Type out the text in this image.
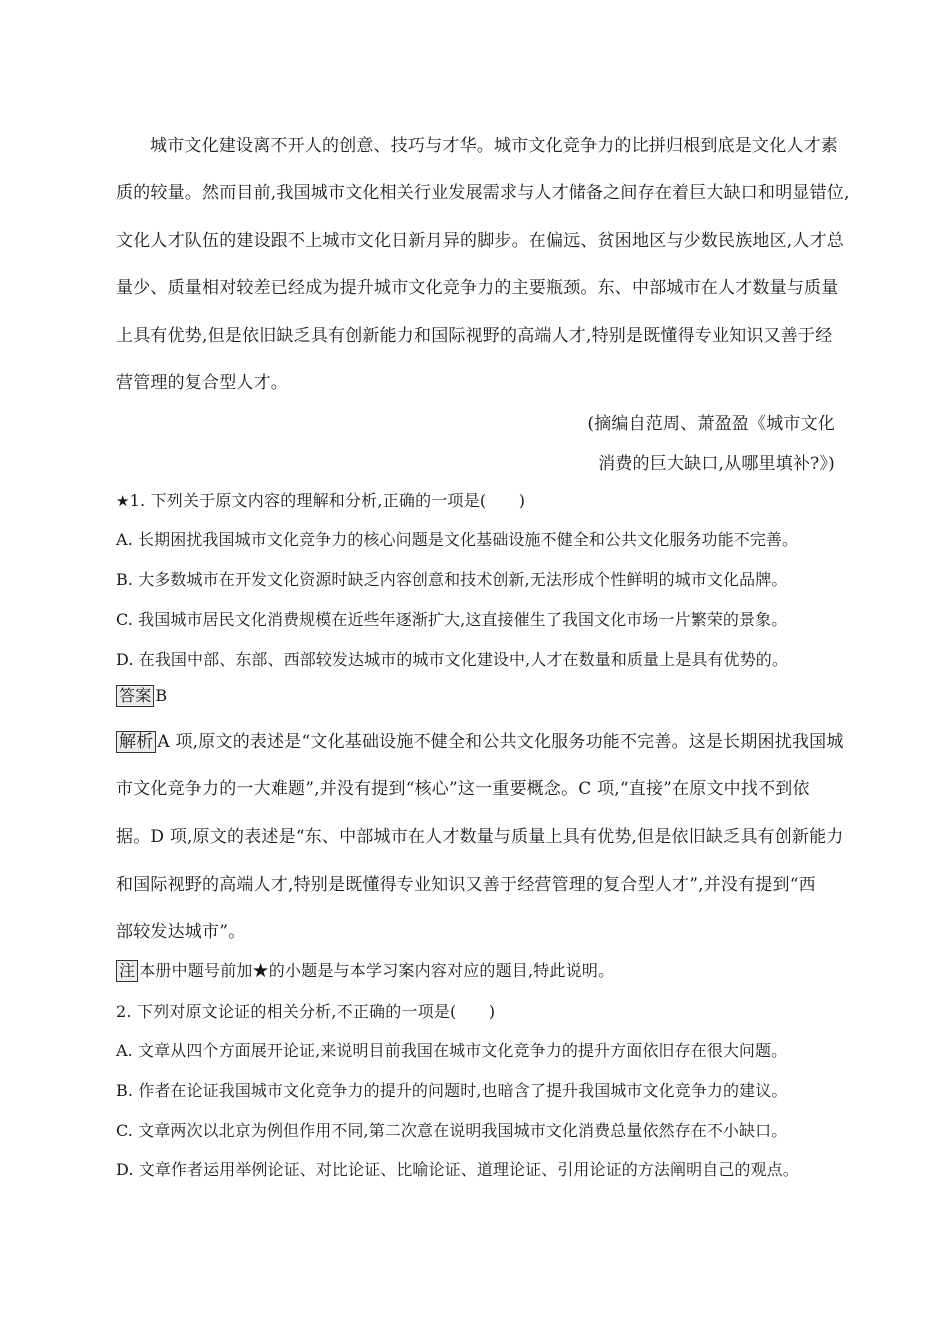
城市文化建设离不开人的创意、技巧与才华。城市文化竞争力的比拼归根到底是文化人才素
质的较量。然而目前,我国城市文化相关行业发展需求与人才储备之间存在着巨大缺口和明显错位,
文化人才队伍的建设跟不上城市文化日新月异的脚步。在偏远、贫困地区与少数民族地区,人才总
量少、质量相对较差已经成为提升城市文化竞争力的主要瓶颈。东、中部城市在人才数量与质量
上具有优势,但是依旧缺乏具有创新能力和国际视野的高端人才,特别是既懂得专业知识又善于经
营管理的复合型人才。
(摘编自范周、萧盈盈《城市文化
消费的巨大缺口,从哪里填补?》)
★1. 下列关于原文内容的理解和分析,正确的一项是(　　)
A. 长期困扰我国城市文化竞争力的核心问题是文化基础设施不健全和公共文化服务功能不完善。
B. 大多数城市在开发文化资源时缺乏内容创意和技术创新,无法形成个性鲜明的城市文化品牌。
C. 我国城市居民文化消费规模在近些年逐渐扩大,这直接催生了我国文化市场一片繁荣的景象。
D. 在我国中部、东部、西部较发达城市的城市文化建设中,人才在数量和质量上是具有优势的。
答案 B
解析 A 项,原文的表述是“文化基础设施不健全和公共文化服务功能不完善。这是长期困扰我国城
市文化竞争力的一大难题”,并没有提到“核心”这一重要概念。C 项,“直接”在原文中找不到依
据。D 项,原文的表述是“东、中部城市在人才数量与质量上具有优势,但是依旧缺乏具有创新能力
和国际视野的高端人才,特别是既懂得专业知识又善于经营管理的复合型人才”,并没有提到“西
部较发达城市”。
注 本册中题号前加★的小题是与本学习案内容对应的题目,特此说明。
2. 下列对原文论证的相关分析,不正确的一项是(　　)
A. 文章从四个方面展开论证,来说明目前我国在城市文化竞争力的提升方面依旧存在很大问题。
B. 作者在论证我国城市文化竞争力的提升的问题时,也暗含了提升我国城市文化竞争力的建议。
C. 文章两次以北京为例但作用不同,第二次意在说明我国城市文化消费总量依然存在不小缺口。
D. 文章作者运用举例论证、对比论证、比喻论证、道理论证、引用论证的方法阐明自己的观点。
